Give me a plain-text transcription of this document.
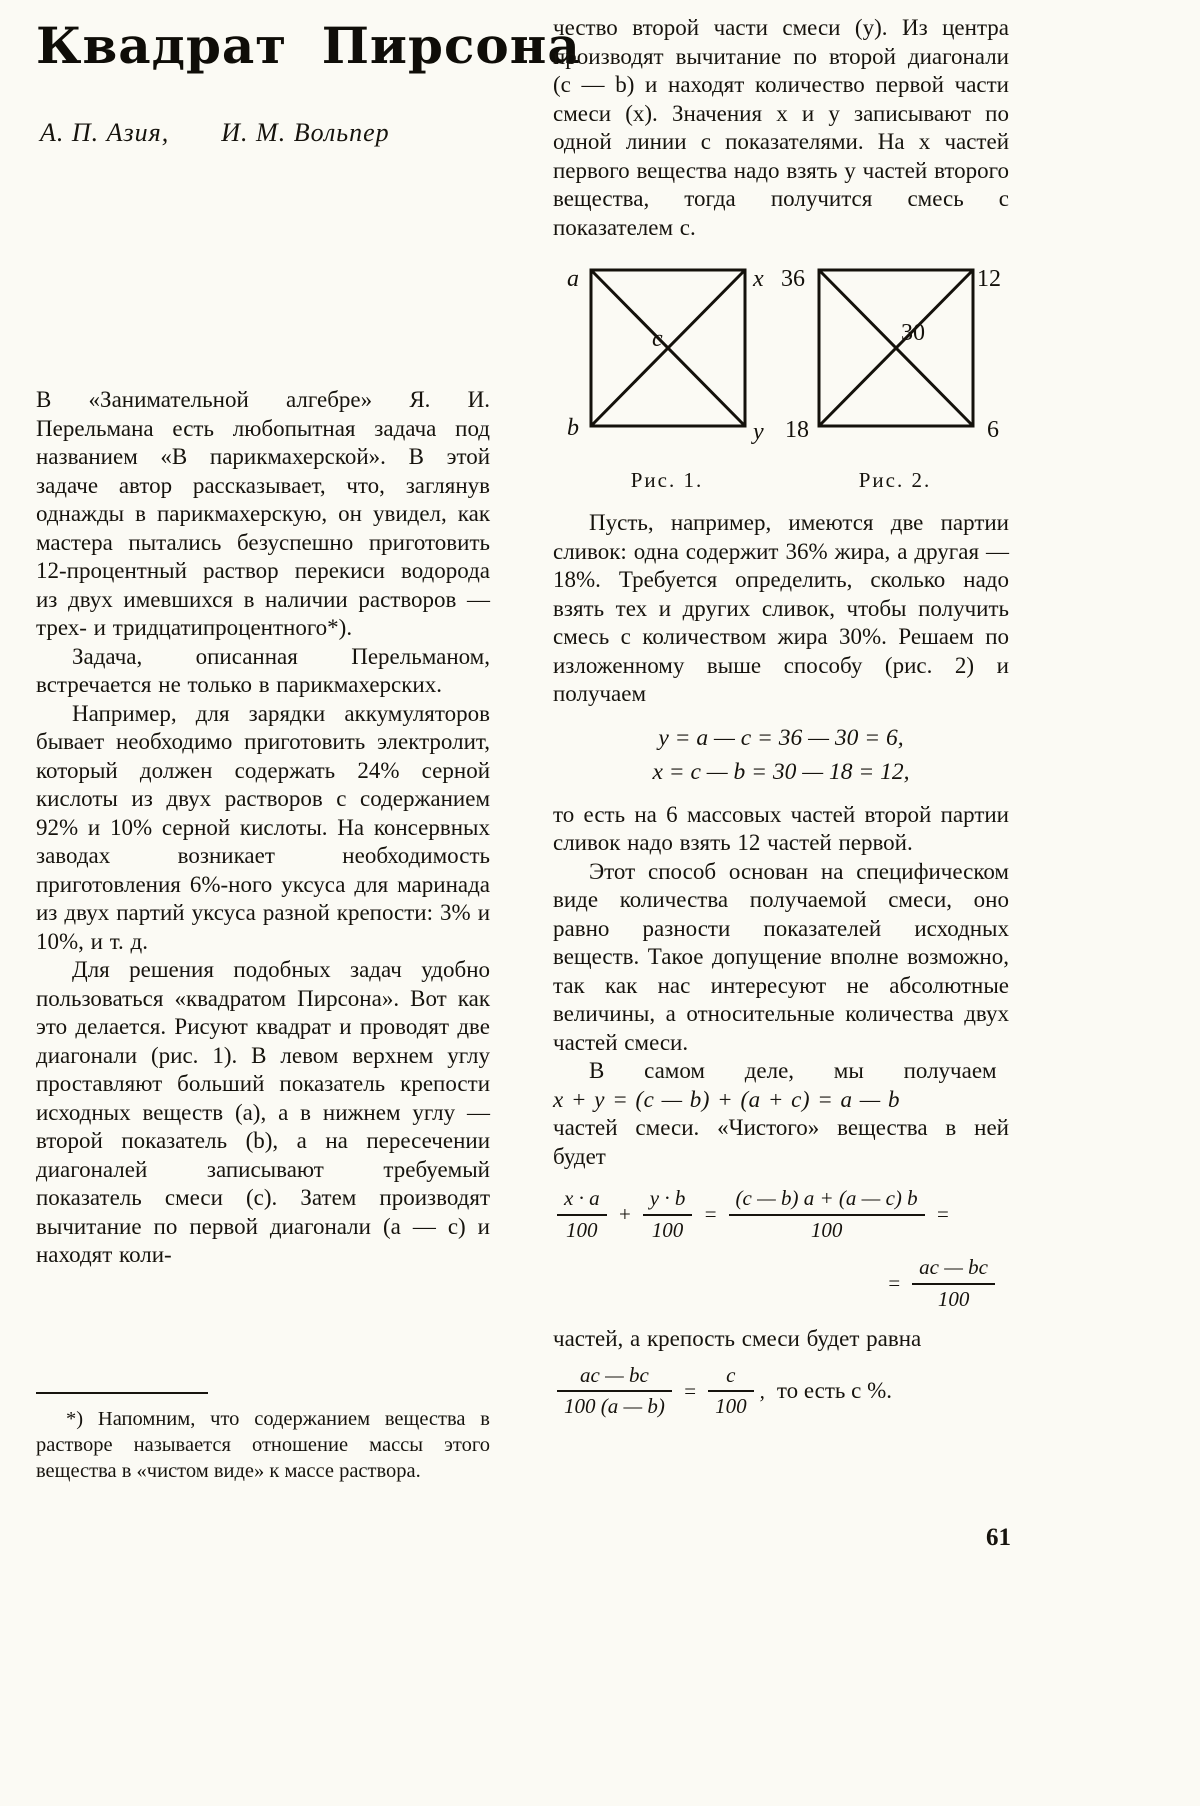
Квадрат Пирсона
А. П. Азия, И. М. Вольпер

В «Занимательной алгебре» Я. И. Перельмана есть любопытная задача под названием «В парикмахерской». В этой задаче автор рассказывает, что, заглянув однажды в парикмахерскую, он увидел, как мастера пытались безуспешно приготовить 12-процентный раствор перекиси водорода из двух имевшихся в наличии растворов — трех- и тридцатипроцентного*).

Задача, описанная Перельманом, встречается не только в парикмахерских.

Например, для зарядки аккумуляторов бывает необходимо приготовить электролит, который должен содержать 24% серной кислоты из двух растворов с содержанием 92% и 10% серной кислоты. На консервных заводах возникает необходимость приготовления 6%-ного уксуса для маринада из двух партий уксуса разной крепости: 3% и 10%, и т. д.

Для решения подобных задач удобно пользоваться «квадратом Пирсона». Вот как это делается. Рисуют квадрат и проводят две диагонали (рис. 1). В левом верхнем углу проставляют больший показатель крепости исходных веществ (a), а в нижнем углу — второй показатель (b), а на пересечении диагоналей записывают требуемый показатель смеси (c). Затем производят вычитание по первой диагонали (a — c) и находят коли-

*) Напомним, что содержанием вещества в растворе называется отношение массы этого вещества в «чистом виде» к массе раствора.

чество второй части смеси (y). Из центра производят вычитание по второй диагонали (c — b) и находят количество первой части смеси (x). Значения x и y записывают по одной линии с показателями. На x частей первого вещества надо взять y частей второго вещества, тогда получится смесь с показателем c.

a	x
b	y
c
Рис. 1.
36	12
18	6
30
Рис. 2.

Пусть, например, имеются две партии сливок: одна содержит 36% жира, а другая — 18%. Требуется определить, сколько надо взять тех и других сливок, чтобы получить смесь с количеством жира 30%. Решаем по изложенному выше способу (рис. 2) и получаем

y = a — c = 36 — 30 = 6,
x = c — b = 30 — 18 = 12,

то есть на 6 массовых частей второй партии сливок надо взять 12 частей первой.

Этот способ основан на специфическом виде количества получаемой смеси, оно равно разности показателей исходных веществ. Такое допущение вполне возможно, так как нас интересуют не абсолютные величины, а относительные количества двух частей смеси.

В самом деле, мы получаем
x + y = (c — b) + (a + c) = a — b
частей смеси. «Чистого» вещества в ней будет

$\frac{x \cdot a}{100} + \frac{y \cdot b}{100} = \frac{(c — b) a + (a — c) b}{100}$ =
= $\frac{ac — bc}{100}$

частей, а крепость смеси будет равна

$\frac{ac — bc}{100 (a — b)} = \frac{c}{100}$ , то есть c %.
61
